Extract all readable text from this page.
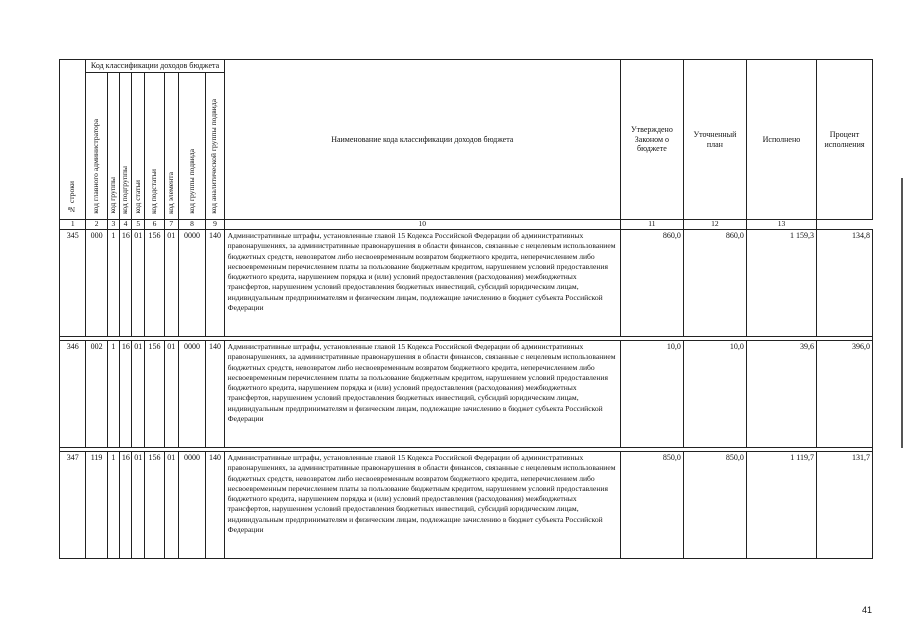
№ строки	Код классификации доходов бюджета								Наименование кода классификации доходов бюджета	Утверждено Законом о бюджете	Уточненный план	Исполнено	Процент исполнения
	код главного администратора	код группы	код подгруппы	код статьи	код подстатьи	код элемента	код группы подвида	код аналитической группы подвида					
1	2	3	4	5	6	7	8	9	10	11	12	13	
345	000	1	16	01	156	01	0000	140	Административные штрафы, установленные главой 15 Кодекса Российской Федерации об административных правонарушениях, за административные правонарушения в области финансов, связанные с нецелевым использованием бюджетных средств, невозвратом либо несвоевременным возвратом бюджетного кредита, неперечислением либо несвоевременным перечислением платы за пользование бюджетным кредитом, нарушением условий предоставления бюджетного кредита, нарушением порядка и (или) условий предоставления (расходования) межбюджетных трансфертов, нарушением условий предоставления бюджетных инвестиций, субсидий юридическим лицам, индивидуальным предпринимателям и физическим лицам, подлежащие зачислению в бюджет субъекта Российской Федерации	860,0	860,0	1 159,3	134,8

346	002	1	16	01	156	01	0000	140	Административные штрафы, установленные главой 15 Кодекса Российской Федерации об административных правонарушениях, за административные правонарушения в области финансов, связанные с нецелевым использованием бюджетных средств, невозвратом либо несвоевременным возвратом бюджетного кредита, неперечислением либо несвоевременным перечислением платы за пользование бюджетным кредитом, нарушением условий предоставления бюджетного кредита, нарушением порядка и (или) условий предоставления (расходования) межбюджетных трансфертов, нарушением условий предоставления бюджетных инвестиций, субсидий юридическим лицам, индивидуальным предпринимателям и физическим лицам, подлежащие зачислению в бюджет субъекта Российской Федерации	10,0	10,0	39,6	396,0

347	119	1	16	01	156	01	0000	140	Административные штрафы, установленные главой 15 Кодекса Российской Федерации об административных правонарушениях, за административные правонарушения в области финансов, связанные с нецелевым использованием бюджетных средств, невозвратом либо несвоевременным возвратом бюджетного кредита, неперечислением либо несвоевременным перечислением платы за пользование бюджетным кредитом, нарушением условий предоставления бюджетного кредита, нарушением порядка и (или) условий предоставления (расходования) межбюджетных трансфертов, нарушением условий предоставления бюджетных инвестиций, субсидий юридическим лицам, индивидуальным предпринимателям и физическим лицам, подлежащие зачислению в бюджет субъекта Российской Федерации	850,0	850,0	1 119,7	131,7
41
